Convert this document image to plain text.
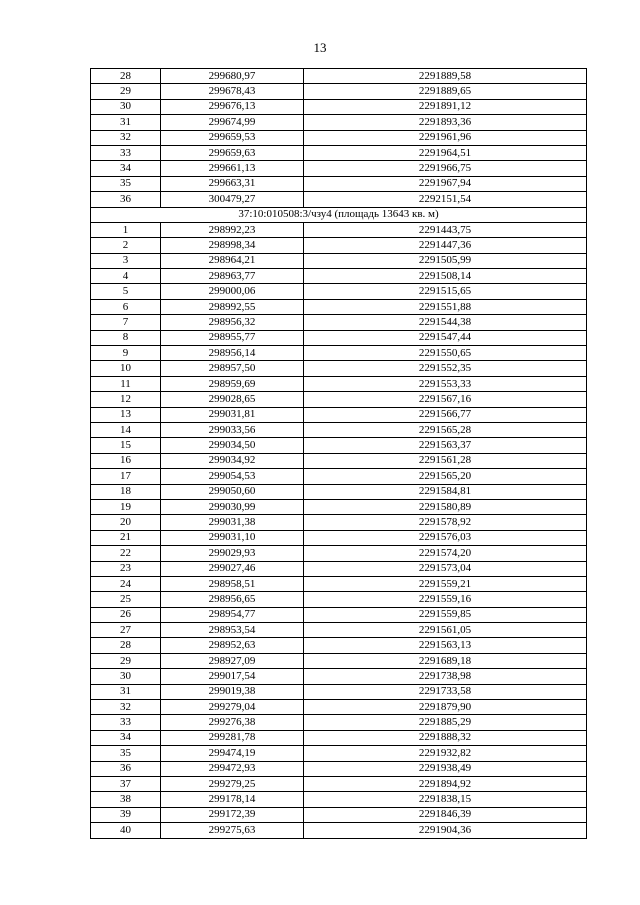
13
28	299680,97	2291889,58
29	299678,43	2291889,65
30	299676,13	2291891,12
31	299674,99	2291893,36
32	299659,53	2291961,96
33	299659,63	2291964,51
34	299661,13	2291966,75
35	299663,31	2291967,94
36	300479,27	2292151,54
37:10:010508:3/чзу4 (площадь 13643 кв. м)		
1	298992,23	2291443,75
2	298998,34	2291447,36
3	298964,21	2291505,99
4	298963,77	2291508,14
5	299000,06	2291515,65
6	298992,55	2291551,88
7	298956,32	2291544,38
8	298955,77	2291547,44
9	298956,14	2291550,65
10	298957,50	2291552,35
11	298959,69	2291553,33
12	299028,65	2291567,16
13	299031,81	2291566,77
14	299033,56	2291565,28
15	299034,50	2291563,37
16	299034,92	2291561,28
17	299054,53	2291565,20
18	299050,60	2291584,81
19	299030,99	2291580,89
20	299031,38	2291578,92
21	299031,10	2291576,03
22	299029,93	2291574,20
23	299027,46	2291573,04
24	298958,51	2291559,21
25	298956,65	2291559,16
26	298954,77	2291559,85
27	298953,54	2291561,05
28	298952,63	2291563,13
29	298927,09	2291689,18
30	299017,54	2291738,98
31	299019,38	2291733,58
32	299279,04	2291879,90
33	299276,38	2291885,29
34	299281,78	2291888,32
35	299474,19	2291932,82
36	299472,93	2291938,49
37	299279,25	2291894,92
38	299178,14	2291838,15
39	299172,39	2291846,39
40	299275,63	2291904,36
